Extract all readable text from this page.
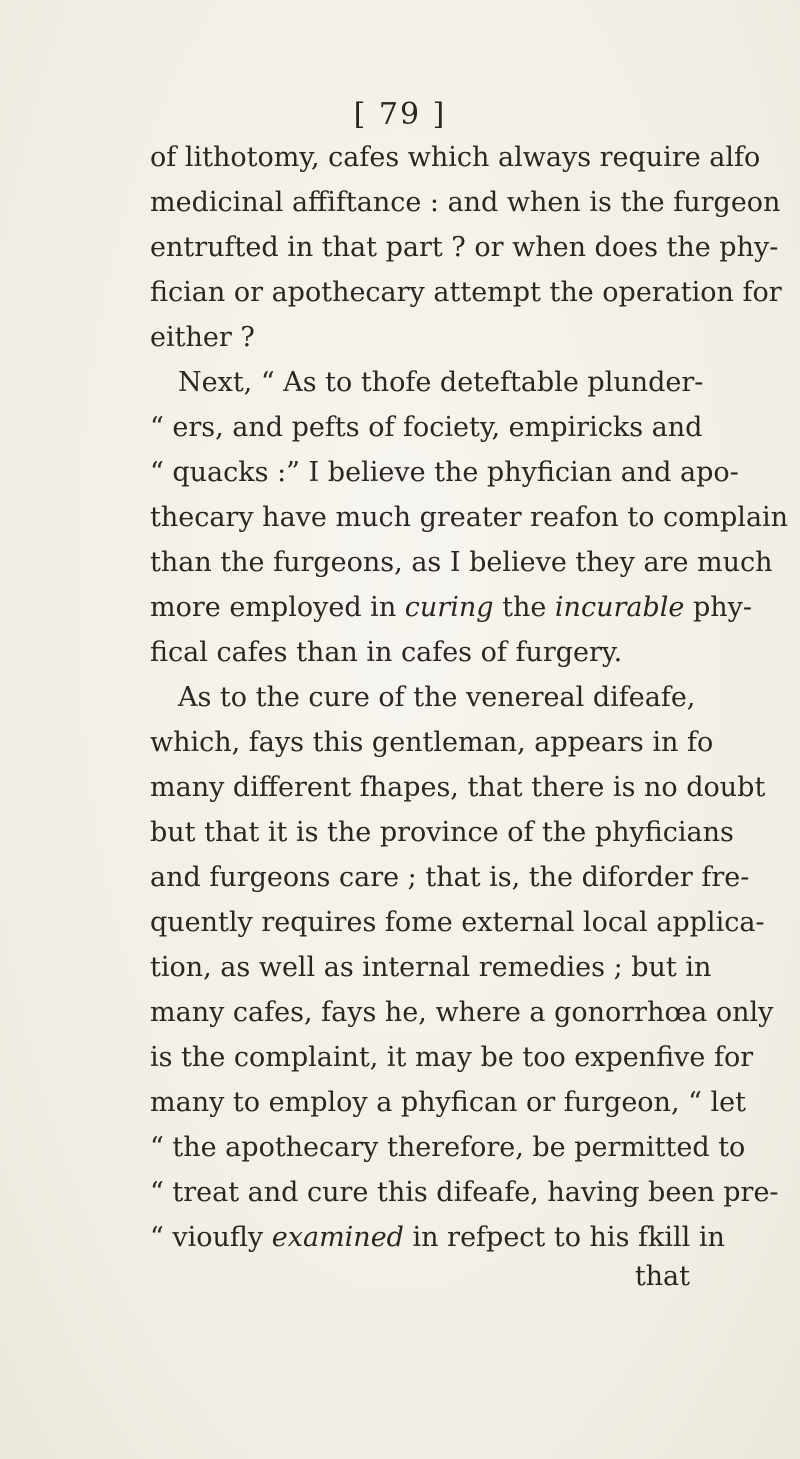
[ 79 ]
of lithotomy, cafes which always require alfo
medicinal affiftance : and when is the furgeon
entrufted in that part ? or when does the phy-
fician or apothecary attempt the operation for
either ?
Next, “ As to thofe deteftable plunder-
“ ers, and pefts of fociety, empiricks and
“ quacks :” I believe the phyfician and apo-
thecary have much greater reafon to complain
than the furgeons, as I believe they are much
more employed in curing the incurable phy-
fical cafes than in cafes of furgery.
As to the cure of the venereal difeafe,
which, fays this gentleman, appears in fo
many different fhapes, that there is no doubt
but that it is the province of the phyficians
and furgeons care ; that is, the diforder fre-
quently requires fome external local applica-
tion, as well as internal remedies ; but in
many cafes, fays he, where a gonorrhœa only
is the complaint, it may be too expenfive for
many to employ a phyfican or furgeon, “ let
“ the apothecary therefore, be permitted to
“ treat and cure this difeafe, having been pre-
“ vioufly examined in refpect to his fkill in
that
